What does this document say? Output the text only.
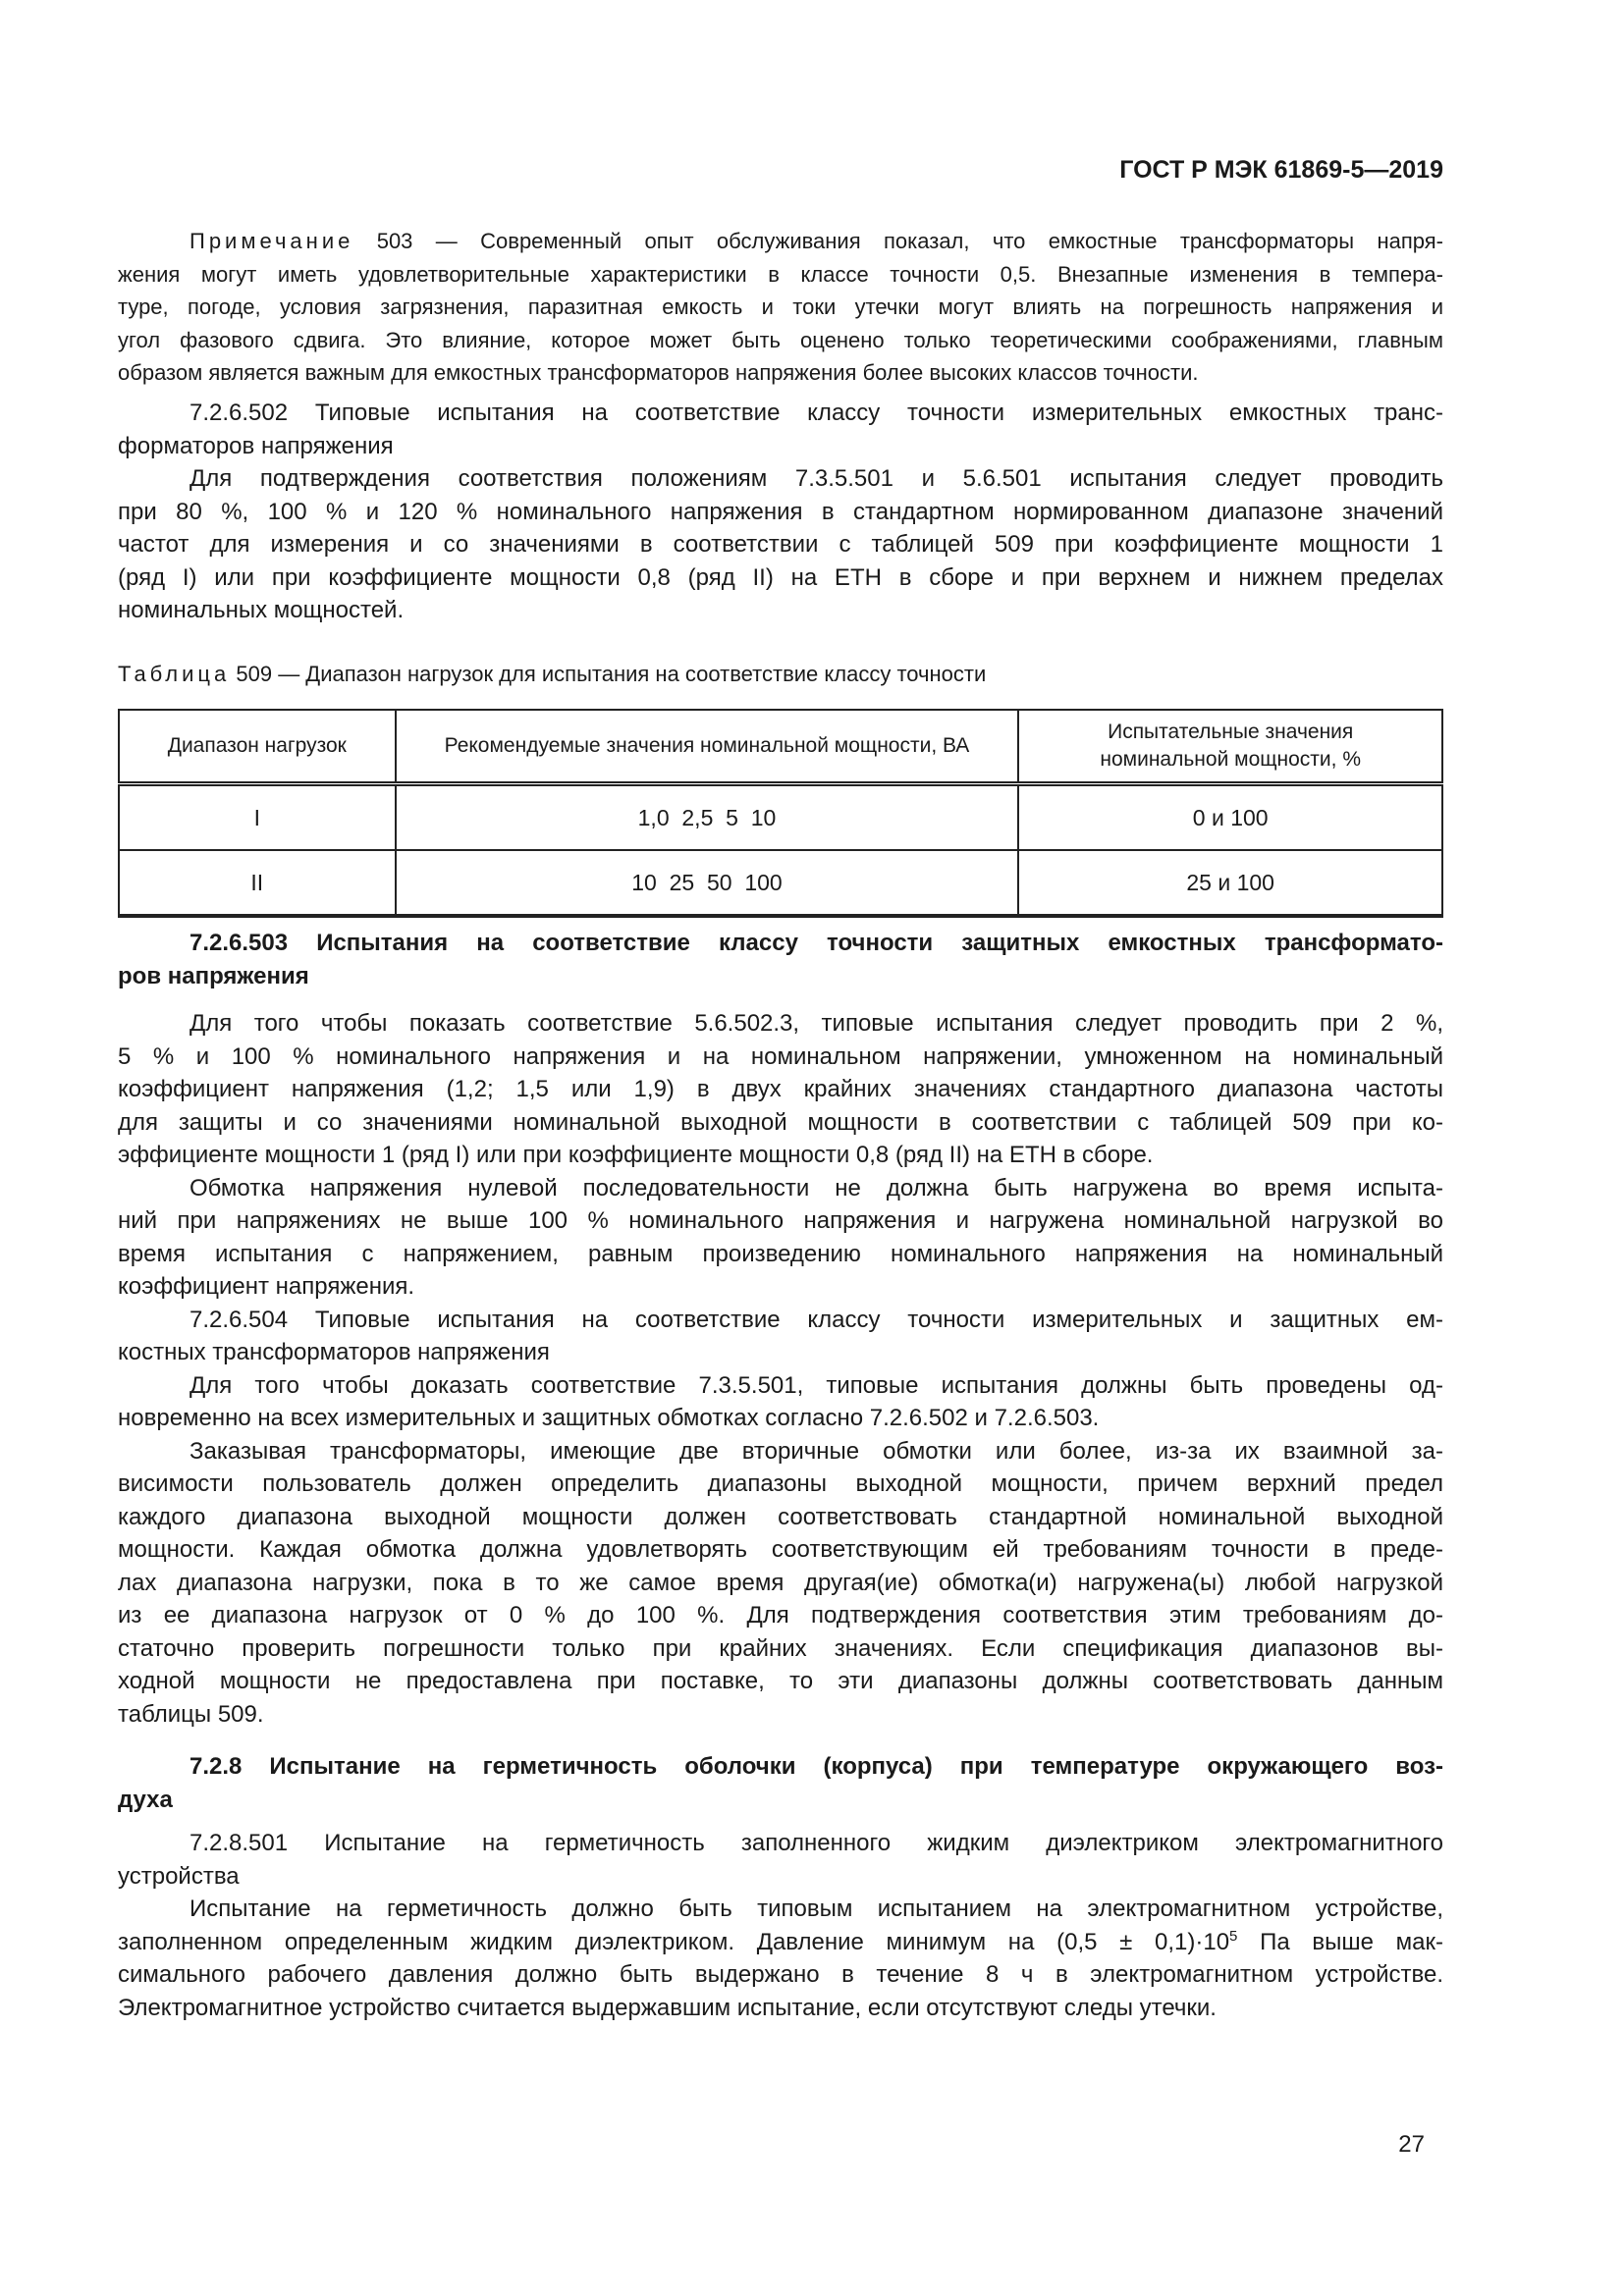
ГОСТ Р МЭК 61869-5—2019
Таблица 509 — Диапазон нагрузок для испытания на соответствие классу точности
Диапазон нагрузок	Рекомендуемые значения номинальной мощности, ВА	Испытательные значения номинальной мощности, %
I	1,0  2,5  5  10	0 и 100
II	10  25  50  100	25 и 100
27
Примечание 503 — Современный опыт обслуживания показал, что емкостные трансформаторы напря-
жения могут иметь удовлетворительные характеристики в классе точности 0,5. Внезапные изменения в темпера-
туре, погоде, условия загрязнения, паразитная емкость и токи утечки могут влиять на погрешность напряжения и
угол фазового сдвига. Это влияние, которое может быть оценено только теоретическими соображениями, главным
образом является важным для емкостных трансформаторов напряжения более высоких классов точности.
7.2.6.502 Типовые испытания на соответствие классу точности измерительных емкостных транс-
форматоров напряжения
Для подтверждения соответствия положениям 7.3.5.501 и 5.6.501 испытания следует проводить
при 80 %, 100 % и 120 % номинального напряжения в стандартном нормированном диапазоне значений
частот для измерения и со значениями в соответствии с таблицей 509 при коэффициенте мощности 1
(ряд I) или при коэффициенте мощности 0,8 (ряд II) на ЕТН в сборе и при верхнем и нижнем пределах
номинальных мощностей.
7.2.6.503 Испытания на соответствие классу точности защитных емкостных трансформато-
ров напряжения
Для того чтобы показать соответствие 5.6.502.3, типовые испытания следует проводить при 2 %,
5 % и 100 % номинального напряжения и на номинальном напряжении, умноженном на номинальный
коэффициент напряжения (1,2; 1,5 или 1,9) в двух крайних значениях стандартного диапазона частоты
для защиты и со значениями номинальной выходной мощности в соответствии с таблицей 509 при ко-
эффициенте мощности 1 (ряд I) или при коэффициенте мощности 0,8 (ряд II) на ЕТН в сборе.
Обмотка напряжения нулевой последовательности не должна быть нагружена во время испыта-
ний при напряжениях не выше 100 % номинального напряжения и нагружена номинальной нагрузкой во
время испытания с напряжением, равным произведению номинального напряжения на номинальный
коэффициент напряжения.
7.2.6.504 Типовые испытания на соответствие классу точности измерительных и защитных ем-
костных трансформаторов напряжения
Для того чтобы доказать соответствие 7.3.5.501, типовые испытания должны быть проведены од-
новременно на всех измерительных и защитных обмотках согласно 7.2.6.502 и 7.2.6.503.
Заказывая трансформаторы, имеющие две вторичные обмотки или более, из-за их взаимной за-
висимости пользователь должен определить диапазоны выходной мощности, причем верхний предел
каждого диапазона выходной мощности должен соответствовать стандартной номинальной выходной
мощности. Каждая обмотка должна удовлетворять соответствующим ей требованиям точности в преде-
лах диапазона нагрузки, пока в то же самое время другая(ие) обмотка(и) нагружена(ы) любой нагрузкой
из ее диапазона нагрузок от 0 % до 100 %. Для подтверждения соответствия этим требованиям до-
статочно проверить погрешности только при крайних значениях. Если спецификация диапазонов вы-
ходной мощности не предоставлена при поставке, то эти диапазоны должны соответствовать данным
таблицы 509.
7.2.8 Испытание на герметичность оболочки (корпуса) при температуре окружающего воз-
духа
7.2.8.501 Испытание на герметичность заполненного жидким диэлектриком электромагнитного
устройства
Испытание на герметичность должно быть типовым испытанием на электромагнитном устройстве,
заполненном определенным жидким диэлектриком. Давление минимум на $(0,5 \pm 0,1)\cdot 10^5$ Па выше мак-
симального рабочего давления должно быть выдержано в течение 8 ч в электромагнитном устройстве.
Электромагнитное устройство считается выдержавшим испытание, если отсутствуют следы утечки.
